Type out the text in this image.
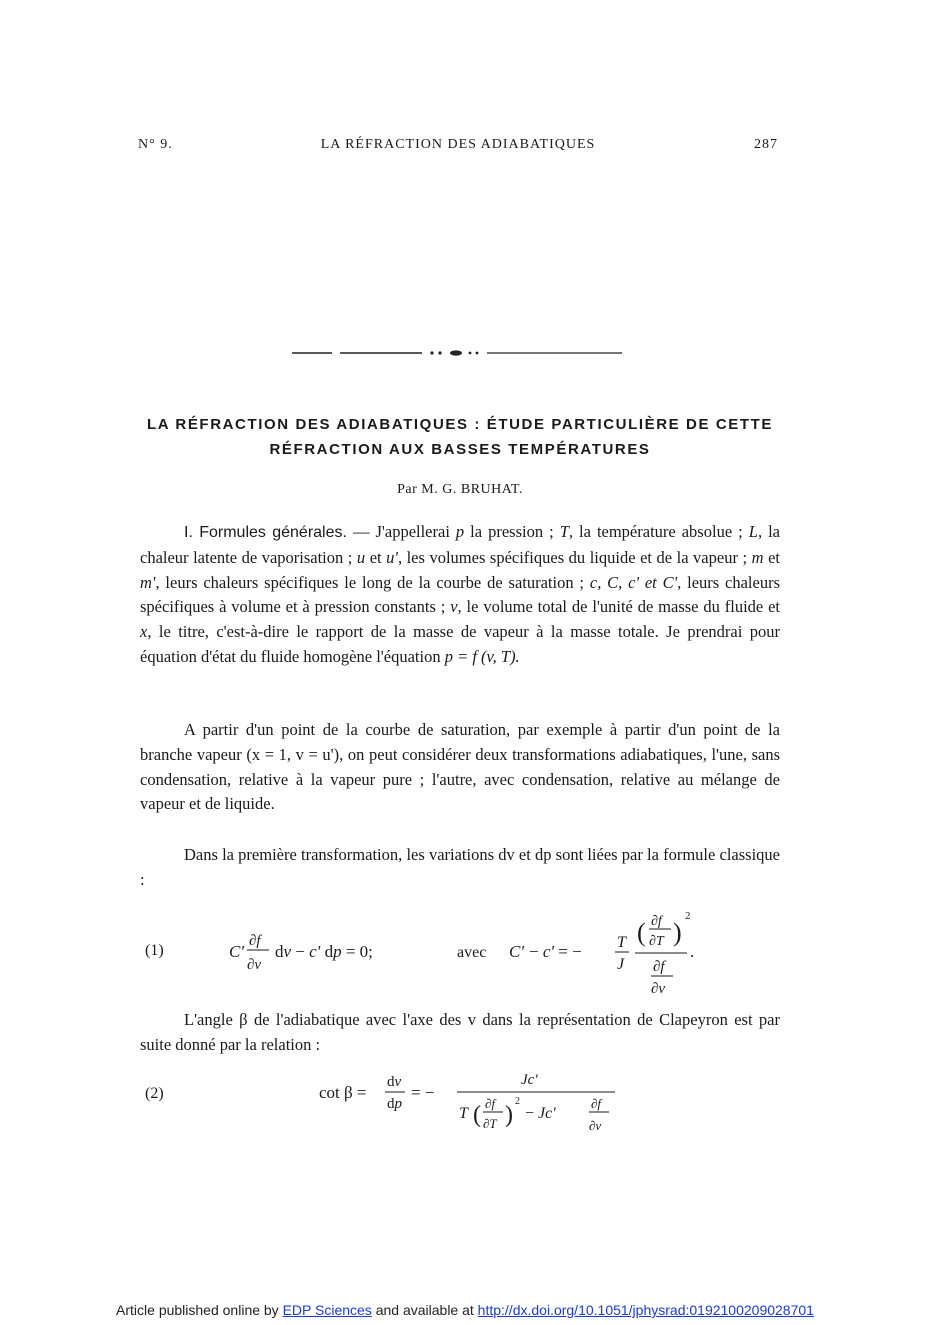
N° 9.	LA RÉFRACTION DES ADIABATIQUES	287
LA RÉFRACTION DES ADIABATIQUES : ÉTUDE PARTICULIÈRE DE CETTE
RÉFRACTION AUX BASSES TEMPÉRATURES
Par M. G. BRUHAT.
I. Formules générales. — J'appellerai p la pression ; T, la température absolue ; L, la chaleur latente de vaporisation ; u et u', les volumes spécifiques du liquide et de la vapeur ; m et m', leurs chaleurs spécifiques le long de la courbe de saturation ; c, C, c' et C', leurs chaleurs spécifiques à volume et à pression constants ; v, le volume total de l'unité de masse du fluide et x, le titre, c'est-à-dire le rapport de la masse de vapeur à la masse totale. Je prendrai pour équation d'état du fluide homogène l'équation p = f (v, T).
A partir d'un point de la courbe de saturation, par exemple à partir d'un point de la branche vapeur (x = 1, v = u'), on peut considérer deux transformations adiabatiques, l'une, sans condensation, relative à la vapeur pure ; l'autre, avec condensation, relative au mélange de vapeur et de liquide.
Dans la première transformation, les variations dv et dp sont liées par la formule classique :
(1)	C'
∂f
∂v
dv − c' dp = 0;	avec C' − c' = − T
J
( ∂f
∂T )
2
∂f
∂v
.
L'angle β de l'adiabatique avec l'axe des v dans la représentation de Clapeyron est par suite donné par la relation :
(2)	cot β =
dv
dp
= −
Jc'
T ( ∂f
∂T )
2
− Jc'
∂f
∂v
Article published online by EDP Sciences and available at http://dx.doi.org/10.1051/jphysrad:0192100209028701
